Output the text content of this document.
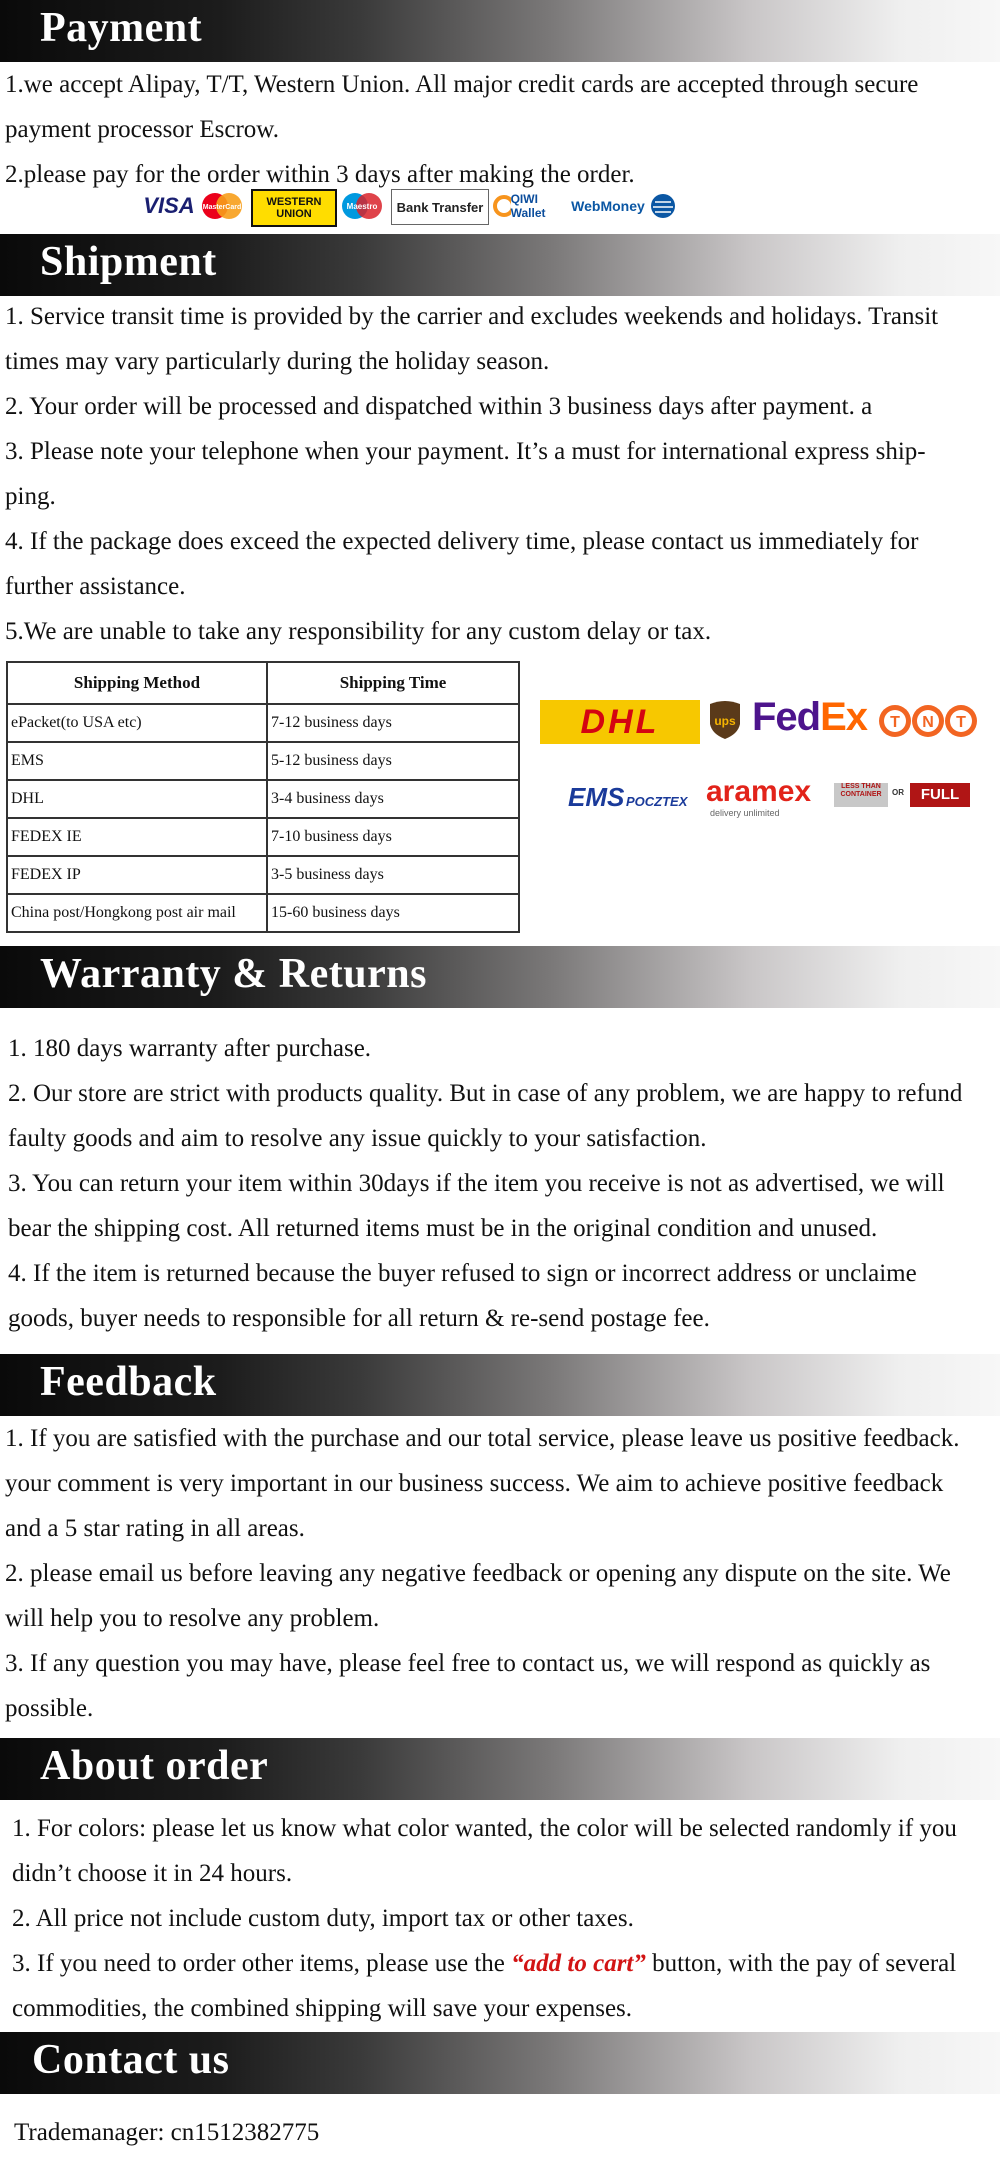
Payment
1.we accept Alipay, T/T, Western Union. All major credit cards are accepted through secure
payment processor Escrow.
2.please pay for the order within 3 days after making the order.
VISA MasterCard	WESTERN UNION
Maestro	Bank Transfer
QIWI Wallet	WebMoney
Shipment
1. Service transit time is provided by the carrier and excludes weekends and holidays. Transit
times may vary particularly during the holiday season.
2. Your order will be processed and dispatched within 3 business days after payment. a
3. Please note your telephone when your payment. It’s a must for international express ship-
ping.
4. If the package does exceed the expected delivery time, please contact us immediately for
further assistance.
5.We are unable to take any responsibility for any custom delay or tax.
Shipping Method	Shipping Time
ePacket(to USA etc)	7-12 business days
EMS	5-12 business days
DHL	3-4 business days
FEDEX IE	7-10 business days
FEDEX IP	3-5 business days
China post/Hongkong post air mail	15-60 business days
DHL	ups FedEx T N T
EMS POCZTEX aramex
delivery unlimited
LESS THAN CONTAINER	OR	FULL
Warranty & Returns
1. 180 days warranty after purchase.
2. Our store are strict with products quality. But in case of any problem, we are happy to refund
faulty goods and aim to resolve any issue quickly to your satisfaction.
3. You can return your item within 30days if the item you receive is not as advertised, we will
bear the shipping cost. All returned items must be in the original condition and unused.
4. If the item is returned because the buyer refused to sign or incorrect address or unclaime
goods, buyer needs to responsible for all return & re-send postage fee.
Feedback
1. If you are satisfied with the purchase and our total service, please leave us positive feedback.
your comment is very important in our business success. We aim to achieve positive feedback
and a 5 star rating in all areas.
2. please email us before leaving any negative feedback or opening any dispute on the site. We
will help you to resolve any problem.
3. If any question you may have, please feel free to contact us, we will respond as quickly as
possible.
About order
1. For colors: please let us know what color wanted, the color will be selected randomly if you
didn’t choose it in 24 hours.
2. All price not include custom duty, import tax or other taxes.
3. If you need to order other items, please use the “add to cart” button, with the pay of several
commodities, the combined shipping will save your expenses.
Contact us
Trademanager: cn1512382775
